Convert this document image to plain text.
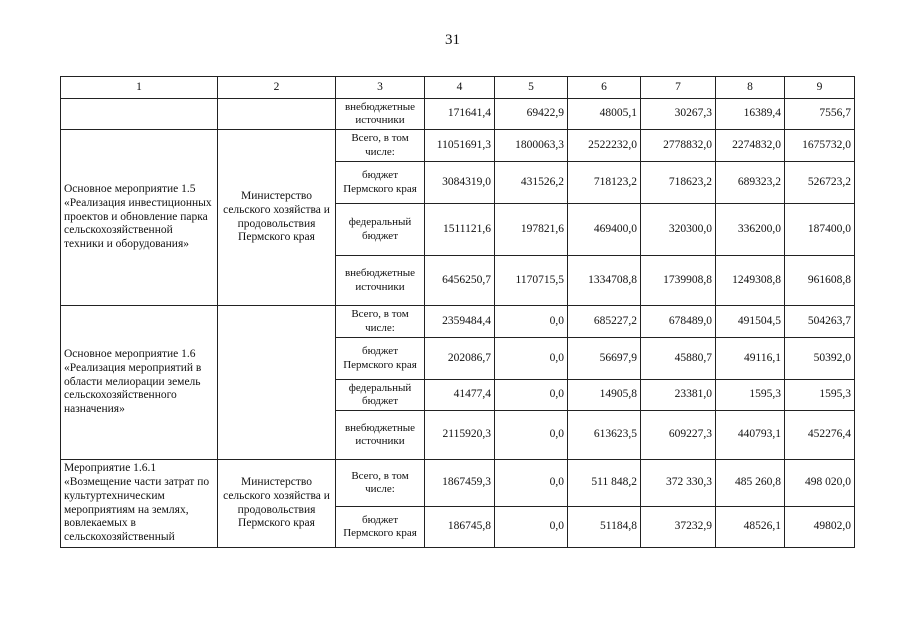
31
1	2	3	4	5	6	7	8	9
		внебюджетные источники	171641,4	69422,9	48005,1	30267,3	16389,4	7556,7
Основное мероприятие 1.5 «Реализация инвестиционных проектов и обновление парка сельскохозяйственной техники и оборудования»	Министерство сельского хозяйства и продовольствия Пермского края	Всего, в том числе:	11051691,3	1800063,3	2522232,0	2778832,0	2274832,0	1675732,0
		бюджет Пермского края	3084319,0	431526,2	718123,2	718623,2	689323,2	526723,2
		федеральный бюджет	1511121,6	197821,6	469400,0	320300,0	336200,0	187400,0
		внебюджетные источники	6456250,7	1170715,5	1334708,8	1739908,8	1249308,8	961608,8
Основное мероприятие 1.6 «Реализация мероприятий в области мелиорации земель сельскохозяйственного назначения»		Всего, в том числе:	2359484,4	0,0	685227,2	678489,0	491504,5	504263,7
		бюджет Пермского края	202086,7	0,0	56697,9	45880,7	49116,1	50392,0
		федеральный бюджет	41477,4	0,0	14905,8	23381,0	1595,3	1595,3
		внебюджетные источники	2115920,3	0,0	613623,5	609227,3	440793,1	452276,4
Мероприятие 1.6.1 «Возмещение части затрат по культуртехническим мероприятиям на землях, вовлекаемых в сельскохозяйственный	Министерство сельского хозяйства и продовольствия Пермского края	Всего, в том числе:	1867459,3	0,0	511 848,2	372 330,3	485 260,8	498 020,0
		бюджет Пермского края	186745,8	0,0	51184,8	37232,9	48526,1	49802,0
